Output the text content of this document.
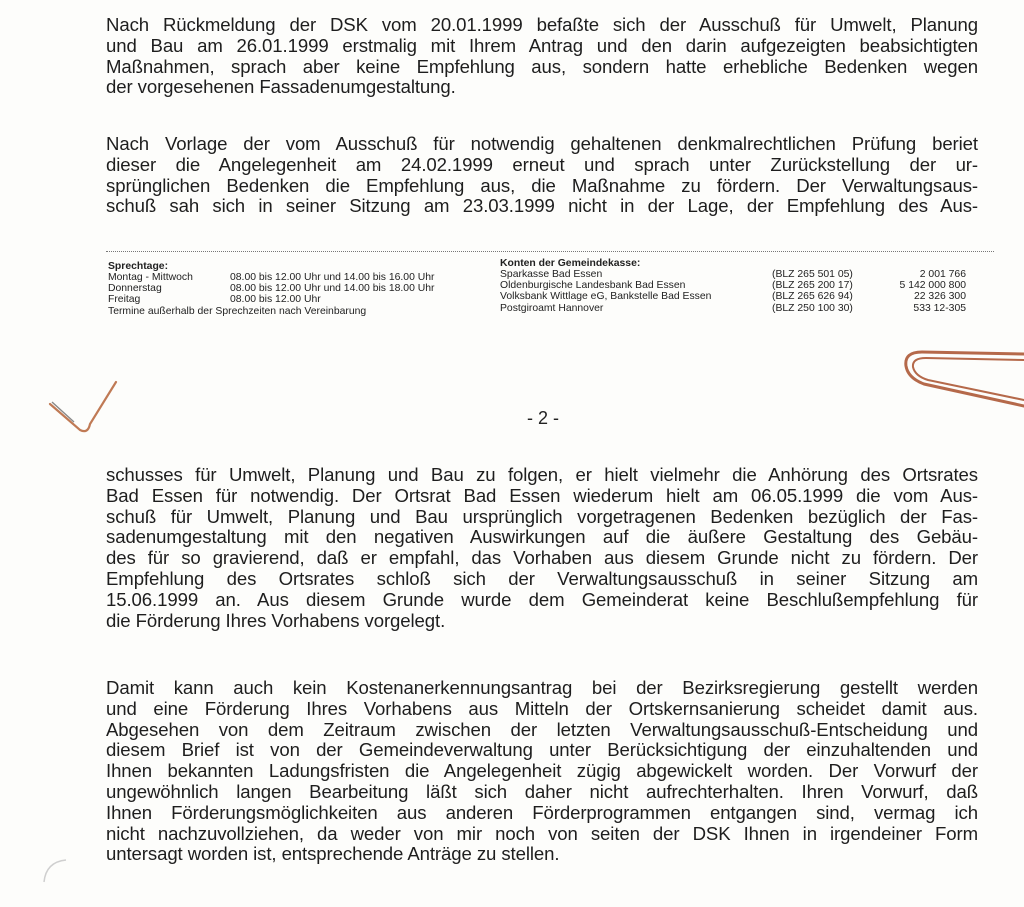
Nach Rückmeldung der DSK vom 20.01.1999 befaßte sich der Ausschuß für Umwelt, Planung
und Bau am 26.01.1999 erstmalig mit Ihrem Antrag und den darin aufgezeigten beabsichtigten
Maßnahmen, sprach aber keine Empfehlung aus, sondern hatte erhebliche Bedenken wegen
der vorgesehenen Fassadenumgestaltung.
Nach Vorlage der vom Ausschuß für notwendig gehaltenen denkmalrechtlichen Prüfung beriet
dieser die Angelegenheit am 24.02.1999 erneut und sprach unter Zurückstellung der ur-
sprünglichen Bedenken die Empfehlung aus, die Maßnahme zu fördern. Der Verwaltungsaus-
schuß sah sich in seiner Sitzung am 23.03.1999 nicht in der Lage, der Empfehlung des Aus-
Sprechtage:
Montag - Mittwoch	08.00 bis 12.00 Uhr und 14.00 bis 16.00 Uhr
Donnerstag	08.00 bis 12.00 Uhr und 14.00 bis 18.00 Uhr
Freitag	08.00 bis 12.00 Uhr
Termine außerhalb der Sprechzeiten nach Vereinbarung
Konten der Gemeindekasse:
Sparkasse Bad Essen	(BLZ 265 501 05)	2 001 766
Oldenburgische Landesbank Bad Essen	(BLZ 265 200 17)	5 142 000 800
Volksbank Wittlage eG, Bankstelle Bad Essen	(BLZ 265 626 94)	22 326 300
Postgiroamt Hannover	(BLZ 250 100 30)	533 12-305
- 2 -
schusses für Umwelt, Planung und Bau zu folgen, er hielt vielmehr die Anhörung des Ortsrates
Bad Essen für notwendig. Der Ortsrat Bad Essen wiederum hielt am 06.05.1999 die vom Aus-
schuß für Umwelt, Planung und Bau ursprünglich vorgetragenen Bedenken bezüglich der Fas-
sadenumgestaltung mit den negativen Auswirkungen auf die äußere Gestaltung des Gebäu-
des für so gravierend, daß er empfahl, das Vorhaben aus diesem Grunde nicht zu fördern. Der
Empfehlung des Ortsrates schloß sich der Verwaltungsausschuß in seiner Sitzung am
15.06.1999 an. Aus diesem Grunde wurde dem Gemeinderat keine Beschlußempfehlung für
die Förderung Ihres Vorhabens vorgelegt.
Damit kann auch kein Kostenanerkennungsantrag bei der Bezirksregierung gestellt werden
und eine Förderung Ihres Vorhabens aus Mitteln der Ortskernsanierung scheidet damit aus.
Abgesehen von dem Zeitraum zwischen der letzten Verwaltungsausschuß-Entscheidung und
diesem Brief ist von der Gemeindeverwaltung unter Berücksichtigung der einzuhaltenden und
Ihnen bekannten Ladungsfristen die Angelegenheit zügig abgewickelt worden. Der Vorwurf der
ungewöhnlich langen Bearbeitung läßt sich daher nicht aufrechterhalten. Ihren Vorwurf, daß
Ihnen Förderungsmöglichkeiten aus anderen Förderprogrammen entgangen sind, vermag ich
nicht nachzuvollziehen, da weder von mir noch von seiten der DSK Ihnen in irgendeiner Form
untersagt worden ist, entsprechende Anträge zu stellen.
